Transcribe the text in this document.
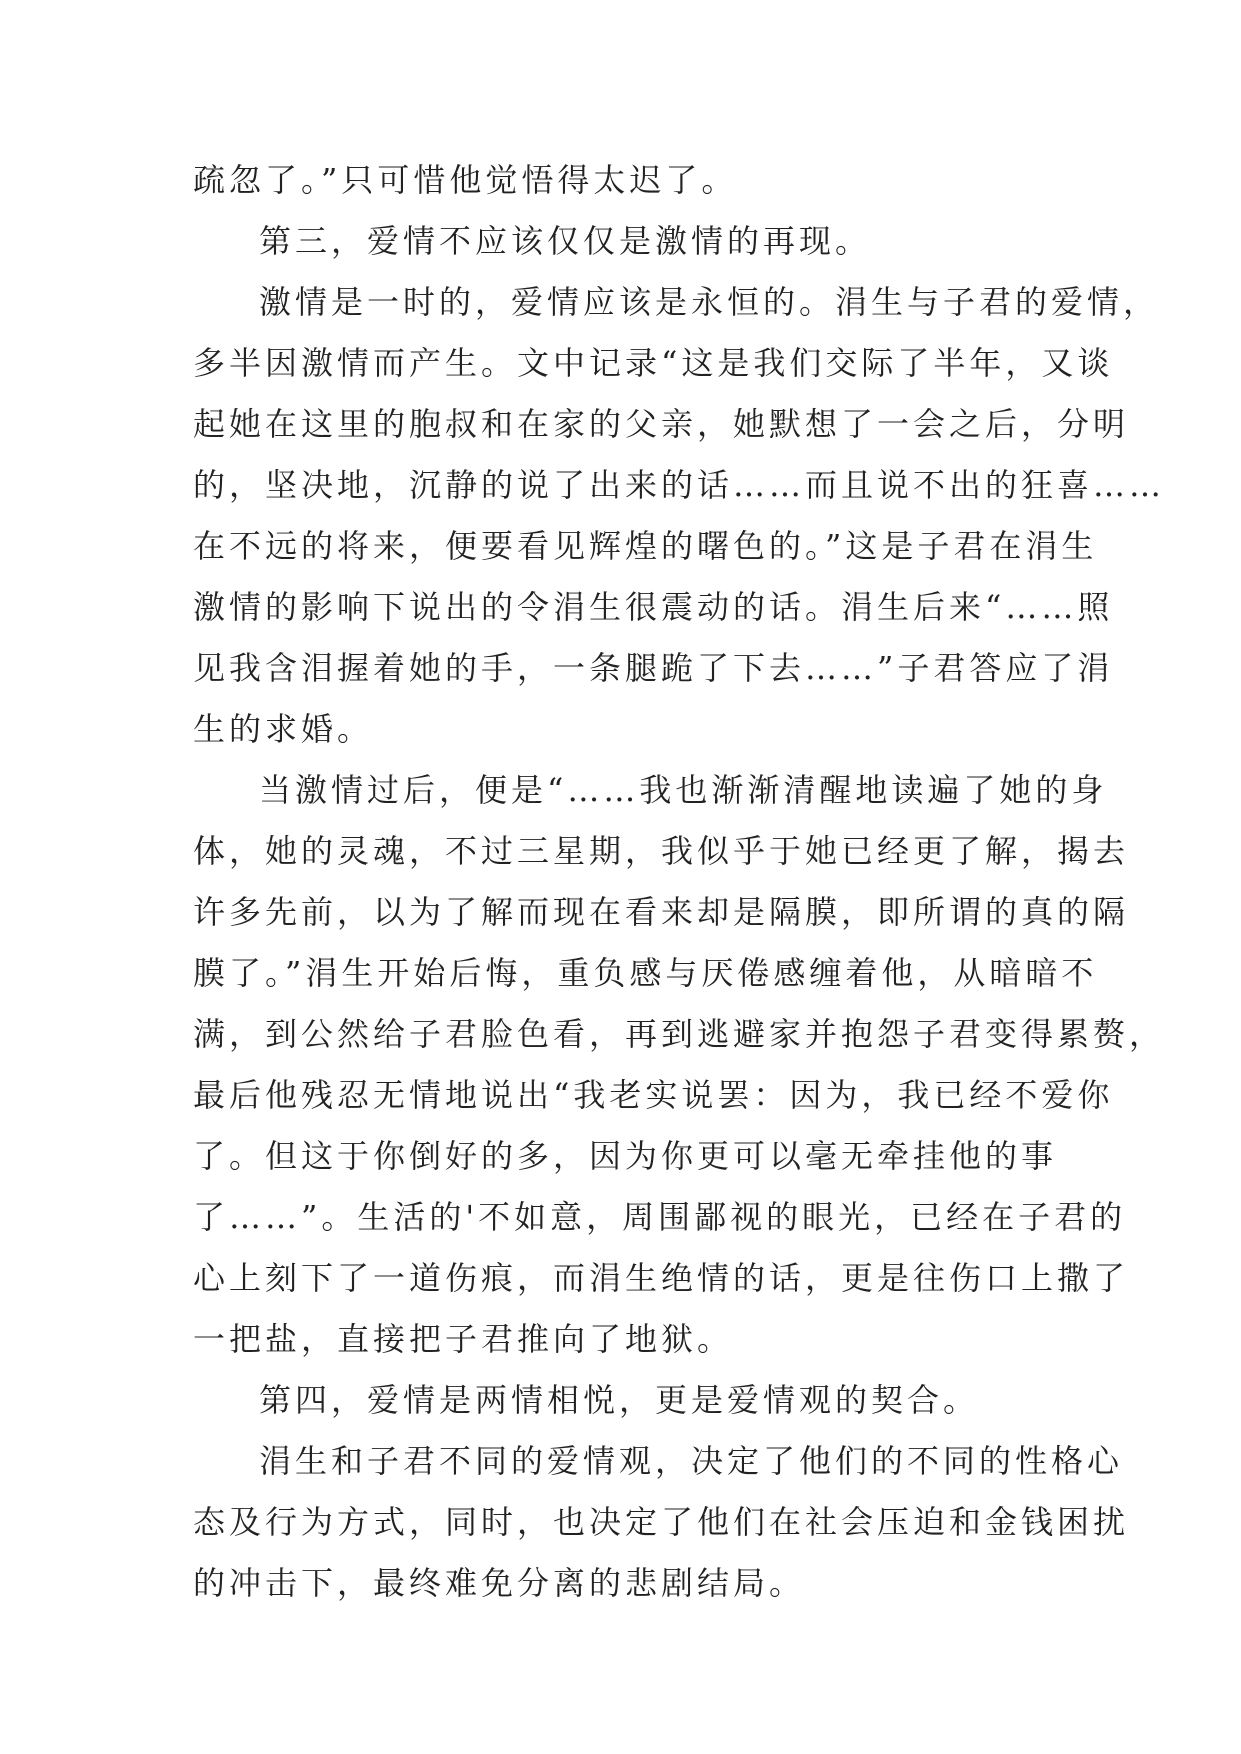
疏忽了。”只可惜他觉悟得太迟了。
第三，爱情不应该仅仅是激情的再现。
激情是一时的，爱情应该是永恒的。涓生与子君的爱情，
多半因激情而产生。文中记录“这是我们交际了半年，又谈
起她在这里的胞叔和在家的父亲，她默想了一会之后，分明
的，坚决地，沉静的说了出来的话……而且说不出的狂喜……
在不远的将来，便要看见辉煌的曙色的。”这是子君在涓生
激情的影响下说出的令涓生很震动的话。涓生后来“……照
见我含泪握着她的手，一条腿跪了下去……”子君答应了涓
生的求婚。
当激情过后，便是“……我也渐渐清醒地读遍了她的身
体，她的灵魂，不过三星期，我似乎于她已经更了解，揭去
许多先前，以为了解而现在看来却是隔膜，即所谓的真的隔
膜了。”涓生开始后悔，重负感与厌倦感缠着他，从暗暗不
满，到公然给子君脸色看，再到逃避家并抱怨子君变得累赘，
最后他残忍无情地说出“我老实说罢：因为，我已经不爱你
了。但这于你倒好的多，因为你更可以毫无牵挂他的事
了……”。生活的'不如意，周围鄙视的眼光，已经在子君的
心上刻下了一道伤痕，而涓生绝情的话，更是往伤口上撒了
一把盐，直接把子君推向了地狱。
第四，爱情是两情相悦，更是爱情观的契合。
涓生和子君不同的爱情观，决定了他们的不同的性格心
态及行为方式，同时，也决定了他们在社会压迫和金钱困扰
的冲击下，最终难免分离的悲剧结局。
